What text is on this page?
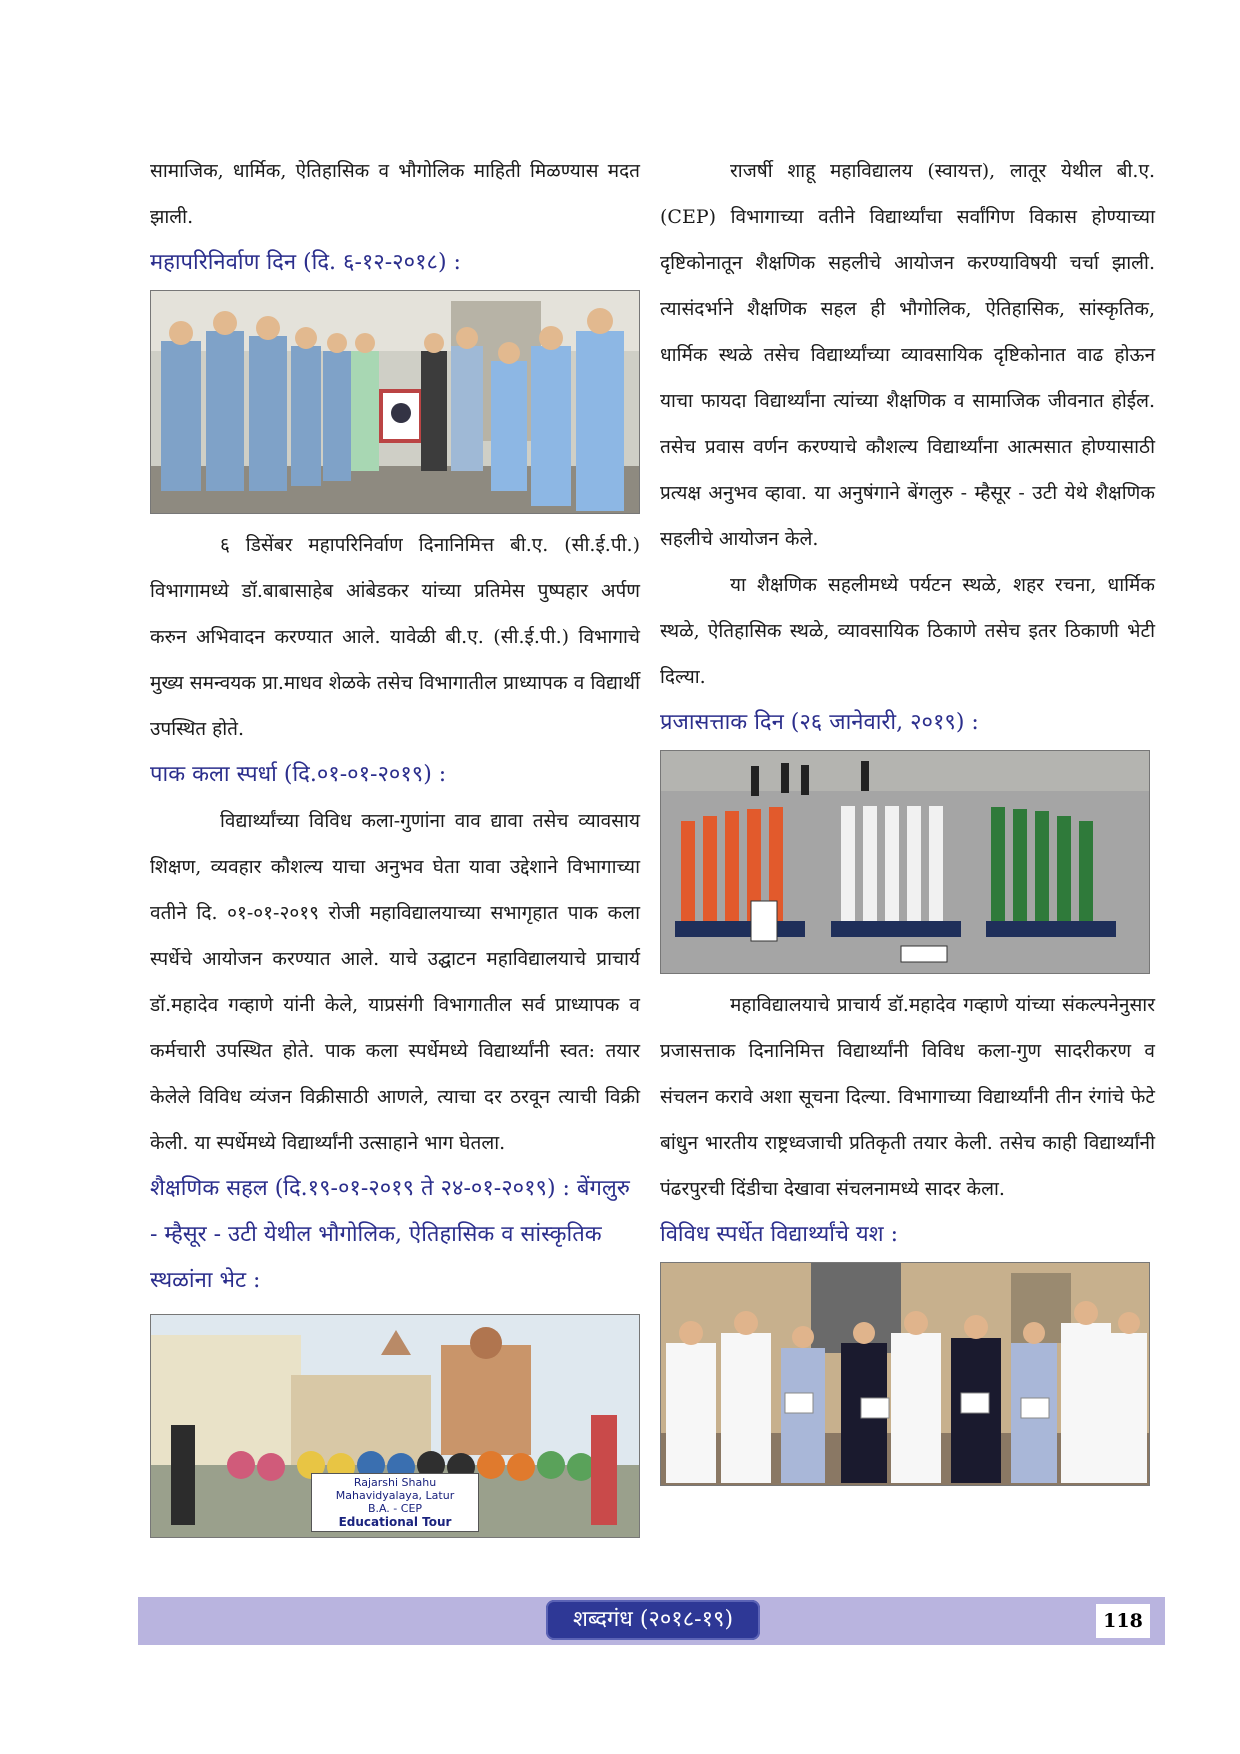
सामाजिक, धार्मिक, ऐतिहासिक व भौगोलिक माहिती मिळण्यास मदत झाली.

महापरिनिर्वाण दिन (दि. ६-१२-२०१८) :

६ डिसेंबर महापरिनिर्वाण दिनानिमित्त बी.ए. (सी.ई.पी.) विभागामध्ये डॉ.बाबासाहेब आंबेडकर यांच्या प्रतिमेस पुष्पहार अर्पण करुन अभिवादन करण्यात आले. यावेळी बी.ए. (सी.ई.पी.) विभागाचे मुख्य समन्वयक प्रा.माधव शेळके तसेच विभागातील प्राध्यापक व विद्यार्थी उपस्थित होते.

पाक कला स्पर्धा (दि.०१-०१-२०१९) :

विद्यार्थ्यांच्या विविध कला-गुणांना वाव द्यावा तसेच व्यावसाय शिक्षण, व्यवहार कौशल्य याचा अनुभव घेता यावा उद्देशाने विभागाच्या वतीने दि. ०१-०१-२०१९ रोजी महाविद्यालयाच्या सभागृहात पाक कला स्पर्धेचे आयोजन करण्यात आले. याचे उद्घाटन महाविद्यालयाचे प्राचार्य डॉ.महादेव गव्हाणे यांनी केले, याप्रसंगी विभागातील सर्व प्राध्यापक व कर्मचारी उपस्थित होते. पाक कला स्पर्धेमध्ये विद्यार्थ्यांनी स्वत: तयार केलेले विविध व्यंजन विक्रीसाठी आणले, त्याचा दर ठरवून त्याची विक्री केली. या स्पर्धेमध्ये विद्यार्थ्यांनी उत्साहाने भाग घेतला.

शैक्षणिक सहल (दि.१९-०१-२०१९ ते २४-०१-२०१९) : बेंगलुरु - म्हैसूर - उटी येथील भौगोलिक, ऐतिहासिक व सांस्कृतिक स्थळांना भेट :
Rajarshi Shahu Mahavidyalaya, Latur
B.A. - CEP
Educational Tour

राजर्षी शाहू महाविद्यालय (स्वायत्त), लातूर येथील बी.ए. (CEP) विभागाच्या वतीने विद्यार्थ्यांचा सर्वांगिण विकास होण्याच्या दृष्टिकोनातून शैक्षणिक सहलीचे आयोजन करण्याविषयी चर्चा झाली. त्यासंदर्भाने शैक्षणिक सहल ही भौगोलिक, ऐतिहासिक, सांस्कृतिक, धार्मिक स्थळे तसेच विद्यार्थ्यांच्या व्यावसायिक दृष्टिकोनात वाढ होऊन याचा फायदा विद्यार्थ्यांना त्यांच्या शैक्षणिक व सामाजिक जीवनात होईल. तसेच प्रवास वर्णन करण्याचे कौशल्य विद्यार्थ्यांना आत्मसात होण्यासाठी प्रत्यक्ष अनुभव व्हावा. या अनुषंगाने बेंगलुरु - म्हैसूर - उटी येथे शैक्षणिक सहलीचे आयोजन केले.

या शैक्षणिक सहलीमध्ये पर्यटन स्थळे, शहर रचना, धार्मिक स्थळे, ऐतिहासिक स्थळे, व्यावसायिक ठिकाणे तसेच इतर ठिकाणी भेटी दिल्या.

प्रजासत्ताक दिन (२६ जानेवारी, २०१९) :

महाविद्यालयाचे प्राचार्य डॉ.महादेव गव्हाणे यांच्या संकल्पनेनुसार प्रजासत्ताक दिनानिमित्त विद्यार्थ्यांनी विविध कला-गुण सादरीकरण व संचलन करावे अशा सूचना दिल्या. विभागाच्या विद्यार्थ्यांनी तीन रंगांचे फेटे बांधुन भारतीय राष्ट्रध्वजाची प्रतिकृती तयार केली. तसेच काही विद्यार्थ्यांनी पंढरपुरची दिंडीचा देखावा संचलनामध्ये सादर केला.

विविध स्पर्धेत विद्यार्थ्यांचे यश :
शब्दगंध (२०१८-१९)	118
